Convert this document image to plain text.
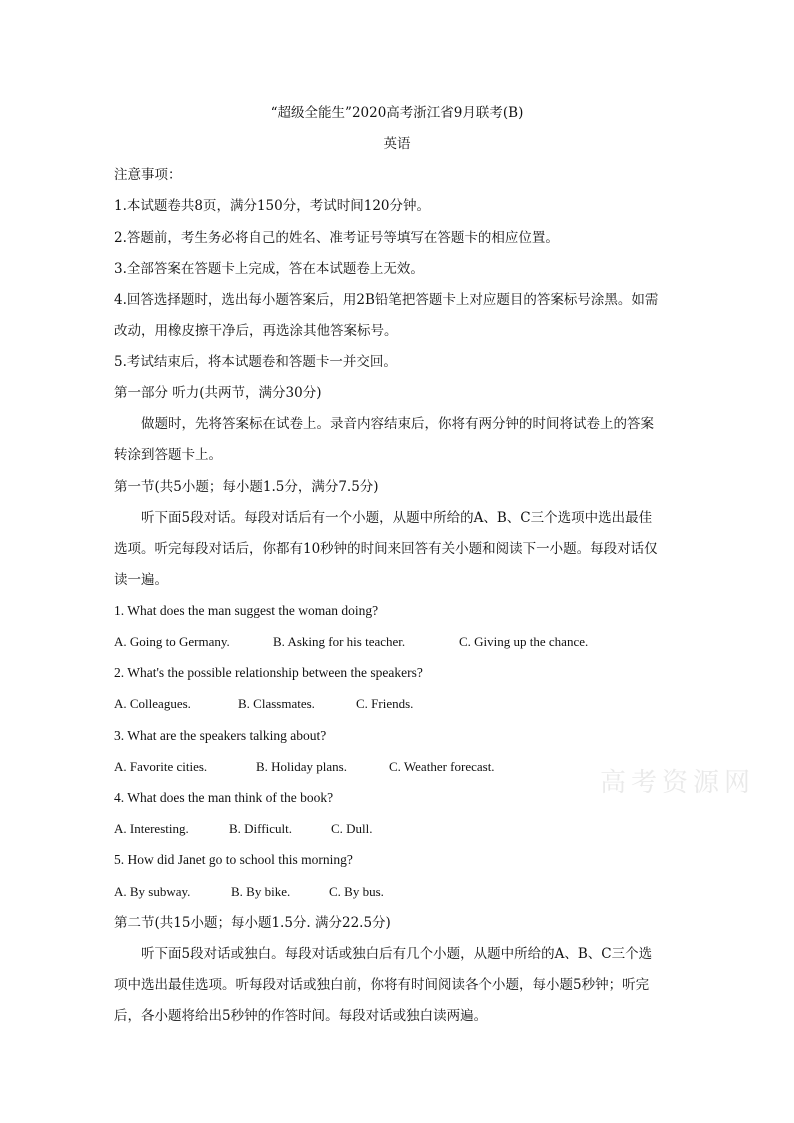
“超级全能生”2020高考浙江省9月联考(B)
英语
注意事项：
1.本试题卷共8页，满分150分，考试时间120分钟。
2.答题前，考生务必将自己的姓名、准考证号等填写在答题卡的相应位置。
3.全部答案在答题卡上完成，答在本试题卷上无效。
4.回答选择题时，选出每小题答案后，用2B铅笔把答题卡上对应题目的答案标号涂黑。如需
改动，用橡皮擦干净后，再选涂其他答案标号。
5.考试结束后，将本试题卷和答题卡一并交回。
第一部分 听力(共两节，满分30分)
做题时，先将答案标在试卷上。录音内容结束后，你将有两分钟的时间将试卷上的答案
转涂到答题卡上。
第一节(共5小题；每小题1.5分，满分7.5分)
听下面5段对话。每段对话后有一个小题，从题中所给的A、B、C三个选项中选出最佳
选项。听完每段对话后，你都有10秒钟的时间来回答有关小题和阅读下一小题。每段对话仅
读一遍。
1. What does the man suggest the woman doing?
A. Going to Germany.	B. Asking for his teacher.	C. Giving up the chance.
2. What's the possible relationship between the speakers?
A. Colleagues.	B. Classmates.	C. Friends.
3. What are the speakers talking about?
A. Favorite cities.	B. Holiday plans.	C. Weather forecast.
4. What does the man think of the book?
A. Interesting.	B. Difficult.	C. Dull.
5. How did Janet go to school this morning?
A. By subway.	B. By bike.	C. By bus.
第二节(共15小题；每小题1.5分. 满分22.5分)
听下面5段对话或独白。每段对话或独白后有几个小题，从题中所给的A、B、C三个选
项中选出最佳选项。听每段对话或独白前，你将有时间阅读各个小题，每小题5秒钟；听完
后，各小题将给出5秒钟的作答时间。每段对话或独白读两遍。
高考资源网
